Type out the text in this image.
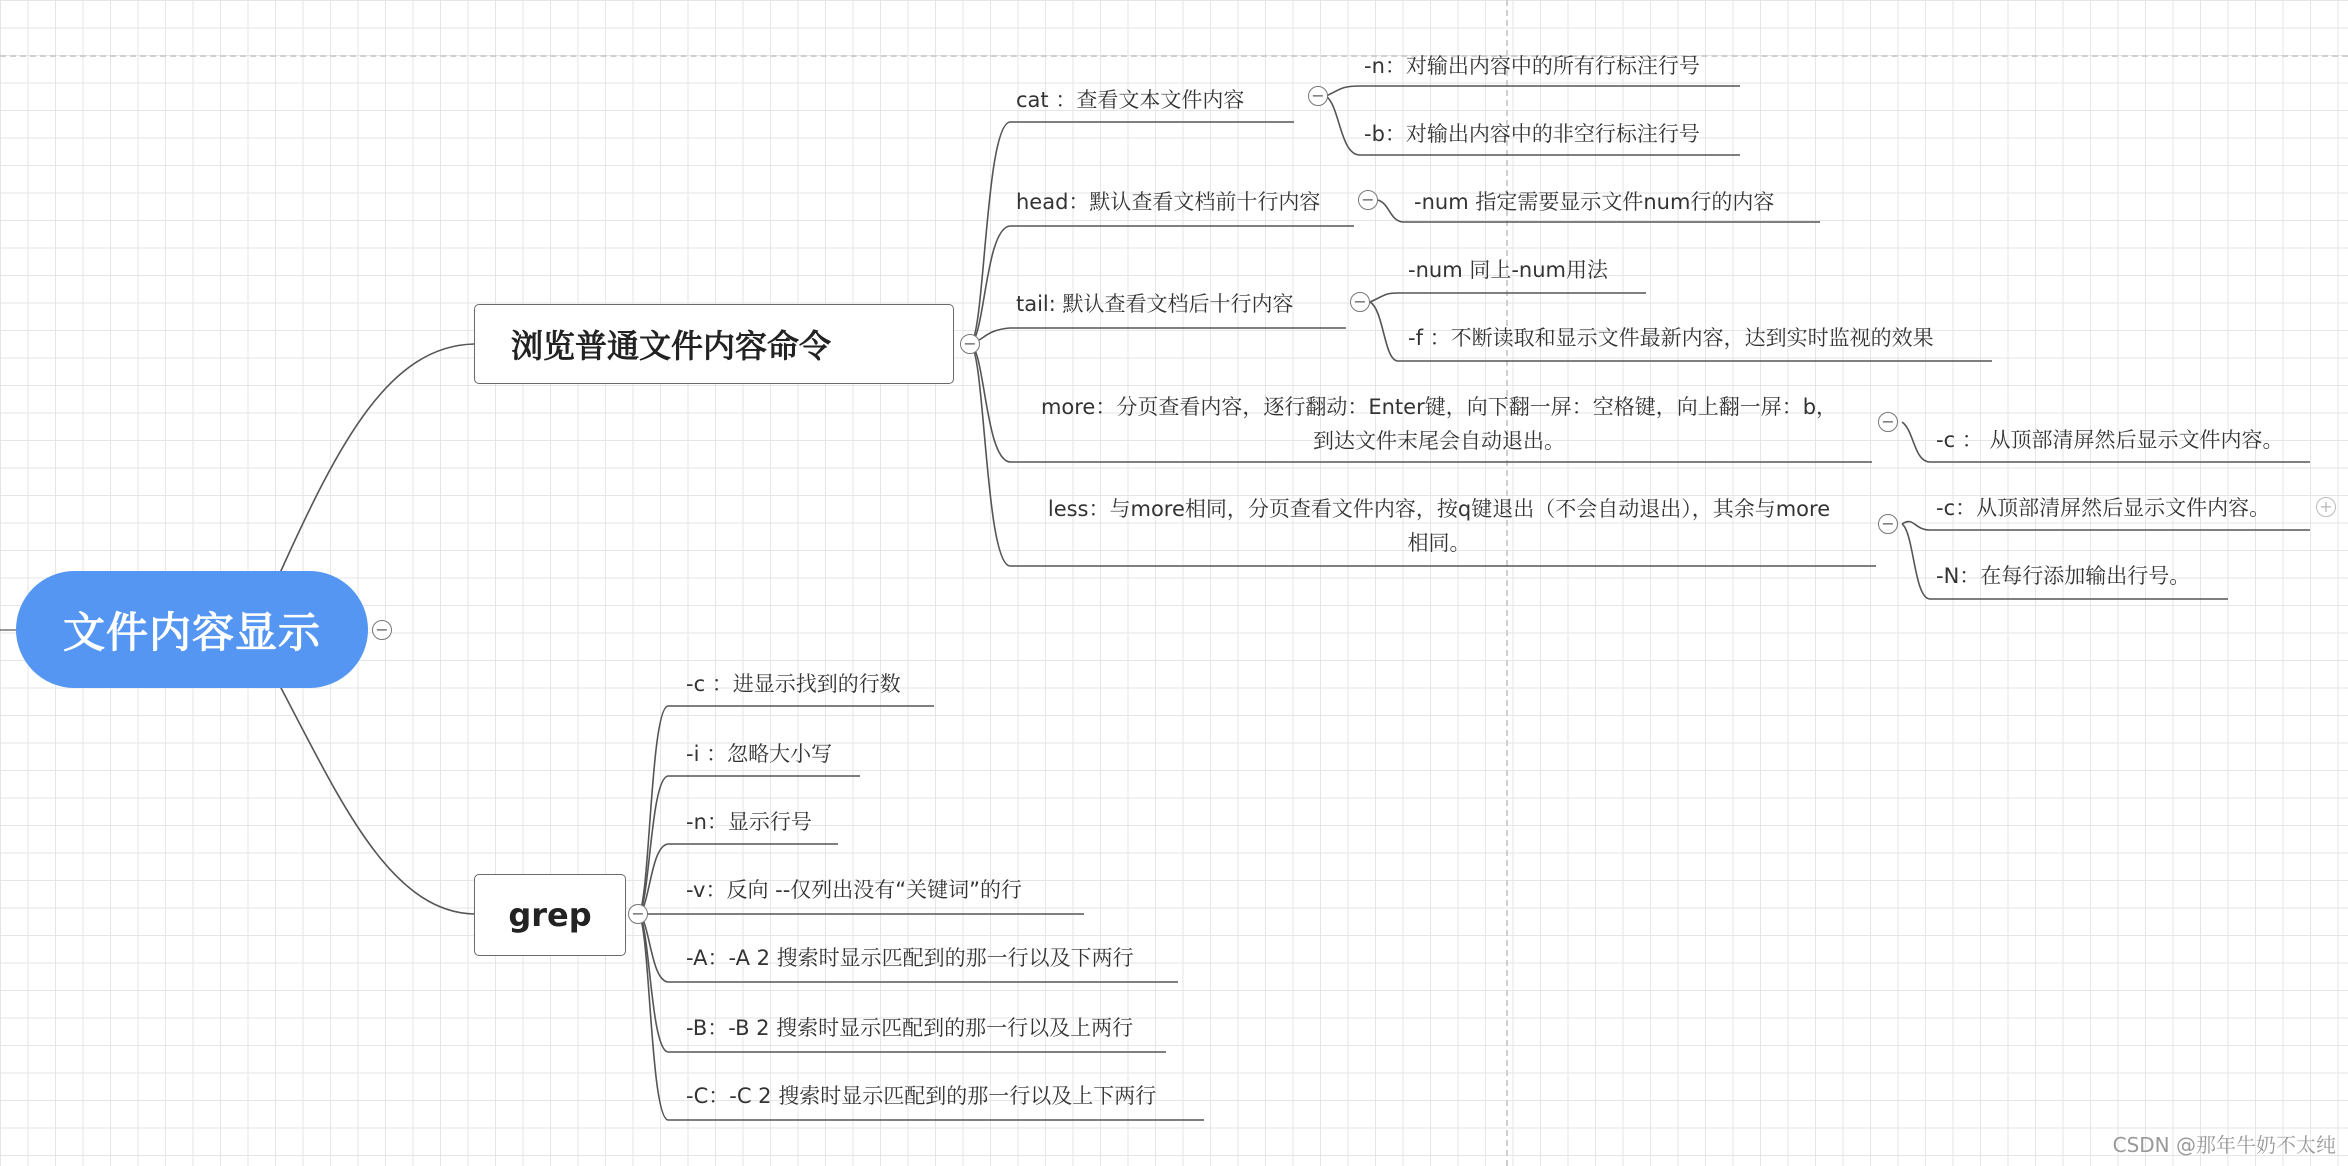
文件内容显示	−
浏览普通文件内容命令	−
cat ：查看文本文件内容	−
-n：对输出内容中的所有行标注行号
-b：对输出内容中的非空行标注行号
head：默认查看文档前十行内容	− -num 指定需要显示文件num行的内容
tail: 默认查看文档后十行内容	−
-num 同上-num用法
-f ：不断读取和显示文件最新内容，达到实时监视的效果
more：分页查看内容，逐行翻动：Enter键，向下翻一屏：空格键，向上翻一屏：b，
到达文件末尾会自动退出。
−
-c ： 从顶部清屏然后显示文件内容。
less：与more相同，分页查看文件内容，按q键退出（不会自动退出），其余与more
相同。
−
-c：从顶部清屏然后显示文件内容。	+
-N：在每行添加输出行号。
grep −
-c ：进显示找到的行数
-i ：忽略大小写
-n：显示行号
-v：反向 --仅列出没有“关键词”的行
-A：-A 2 搜索时显示匹配到的那一行以及下两行
-B：-B 2 搜索时显示匹配到的那一行以及上两行
-C：-C 2 搜索时显示匹配到的那一行以及上下两行
CSDN @那年牛奶不太纯
